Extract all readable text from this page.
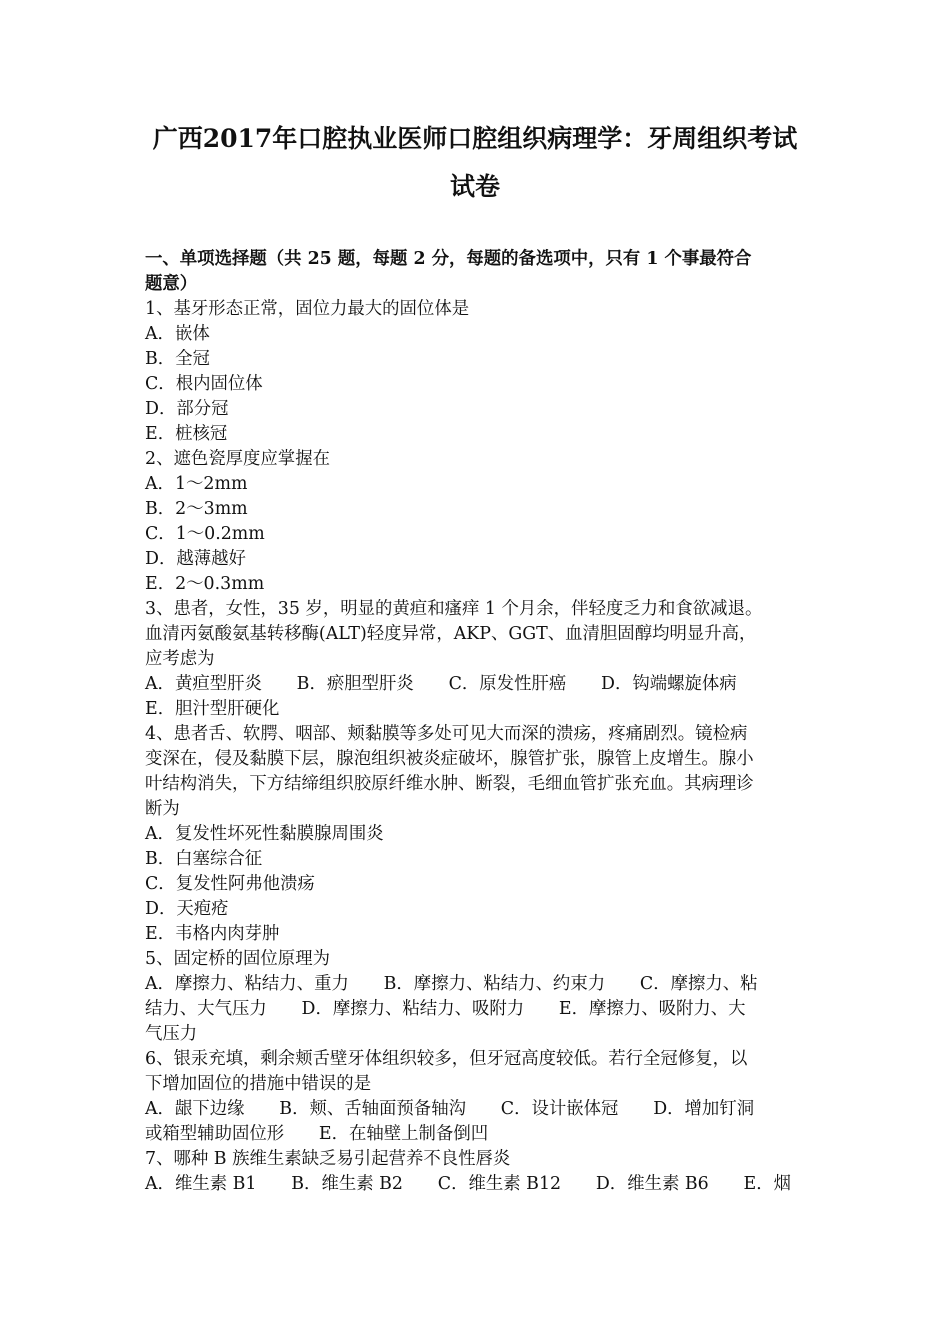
广西2017年口腔执业医师口腔组织病理学：牙周组织考试
试卷
一、单项选择题（共 25 题，每题 2 分，每题的备选项中，只有 1 个事最符合
题意）
1、基牙形态正常，固位力最大的固位体是
A．嵌体
B．全冠
C．根内固位体
D．部分冠
E．桩核冠
2、遮色瓷厚度应掌握在
A．1～2mm
B．2～3mm
C．1～0.2mm
D．越薄越好
E．2～0.3mm
3、患者，女性，35 岁，明显的黄疸和瘙痒 1 个月余，伴轻度乏力和食欲减退。
血清丙氨酸氨基转移酶(ALT)轻度异常，AKP、GGT、血清胆固醇均明显升高，
应考虑为
A．黄疸型肝炎　　B．瘀胆型肝炎　　C．原发性肝癌　　D．钩端螺旋体病
E．胆汁型肝硬化
4、患者舌、软腭、咽部、颊黏膜等多处可见大而深的溃疡，疼痛剧烈。镜检病
变深在，侵及黏膜下层，腺泡组织被炎症破坏，腺管扩张，腺管上皮增生。腺小
叶结构消失，下方结缔组织胶原纤维水肿、断裂，毛细血管扩张充血。其病理诊
断为
A．复发性坏死性黏膜腺周围炎
B．白塞综合征
C．复发性阿弗他溃疡
D．天疱疮
E．韦格内肉芽肿
5、固定桥的固位原理为
A．摩擦力、粘结力、重力　　B．摩擦力、粘结力、约束力　　C．摩擦力、粘
结力、大气压力　　D．摩擦力、粘结力、吸附力　　E．摩擦力、吸附力、大
气压力
6、银汞充填，剩余颊舌壁牙体组织较多，但牙冠高度较低。若行全冠修复，以
下增加固位的措施中错误的是
A．龈下边缘　　B．颊、舌轴面预备轴沟　　C．设计嵌体冠　　D．增加钉洞
或箱型辅助固位形　　E．在轴壁上制备倒凹
7、哪种 B 族维生素缺乏易引起营养不良性唇炎
A．维生素 B1　　B．维生素 B2　　C．维生素 B12　　D．维生素 B6　　E．烟
